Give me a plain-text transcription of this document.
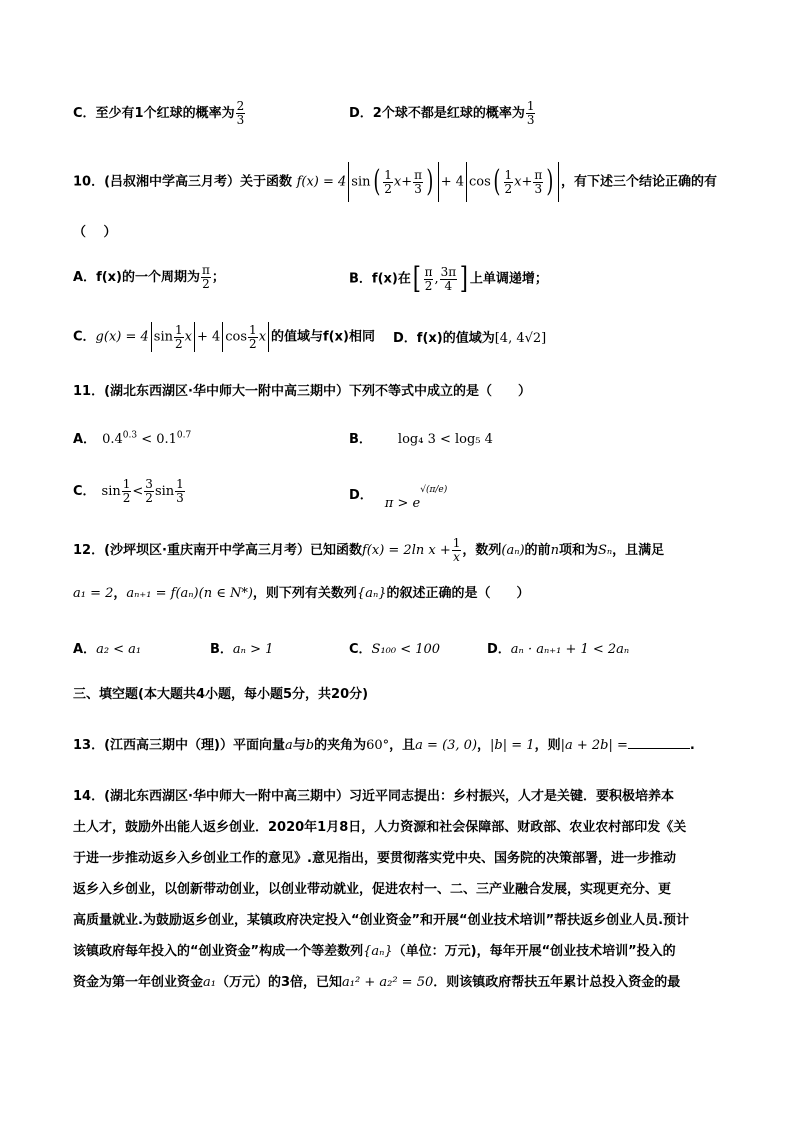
C．至少有1个红球的概率为 $\frac{2}{3}$	D．2个球不都是红球的概率为 $\frac{1}{3}$
10．(吕叔湘中学高三月考）关于函数 f(x) = 4 $\sin( \frac{1}{2} x+ \frac{\pi}{3}$ ) + 4 $\cos( \frac{1}{2} x+ \frac{\pi}{3}$ ) ，有下述三个结论正确的有
（　 ）
A．f(x)的一个周期为 $\frac{\pi}{2}$ ；	B．f(x)在[ $\frac{\pi}{2}$ , $\frac{3\pi}{4}$ ] 上单调递增；
C．g(x) = 4 $\sin \frac{1}{2}$ x + 4 $\cos \frac{1}{2}$ x 的值域与f(x)相同 D．f(x)的值域为[4, 4√2]
11．(湖北东西湖区·华中师大一附中高三期中）下列不等式中成立的是（　　）
A． $0.4^{0.3} < 0.1^{0.7}$	B． log₄ 3 < log₅ 4
C． $\sin \frac{1}{2} < \frac{3}{2}$ $\sin \frac{1}{3}$	D．$\pi > e^{√(\pi/e)}$
12．(沙坪坝区·重庆南开中学高三月考）已知函数f(x) = 2ln $x + \frac{1}{x}$ ，数列(aₙ)的前n项和为Sₙ，且满足
a₁ = 2，aₙ₊₁ = f(aₙ)(n ∈ N*)，则下列有关数列{aₙ}的叙述正确的是（　　）
A．a₂ < a₁	B．aₙ > 1	C．S₁₀₀ < 100	D．aₙ · aₙ₊₁ + 1 < 2aₙ
三、填空题(本大题共4小题，每小题5分，共20分)
13．(江西高三期中（理)）平面向量a与b的夹角为60°，且a = (3, 0)，|b| = 1，则|a + 2b| =	.
14．(湖北东西湖区·华中师大一附中高三期中）习近平同志提出：乡村振兴，人才是关键．要积极培养本
土人才，鼓励外出能人返乡创业．2020年1月8日，人力资源和社会保障部、财政部、农业农村部印发《关
于进一步推动返乡入乡创业工作的意见》.意见指出，要贯彻落实党中央、国务院的决策部署，进一步推动
返乡入乡创业，以创新带动创业，以创业带动就业，促进农村一、二、三产业融合发展，实现更充分、更
高质量就业.为鼓励返乡创业，某镇政府决定投入“创业资金”和开展“创业技术培训”帮扶返乡创业人员.预计
该镇政府每年投入的“创业资金”构成一个等差数列{aₙ}（单位：万元)，每年开展“创业技术培训”投入的
资金为第一年创业资金a₁（万元）的3倍，已知a₁² + a₂² = 50．则该镇政府帮扶五年累计总投入资金的最
